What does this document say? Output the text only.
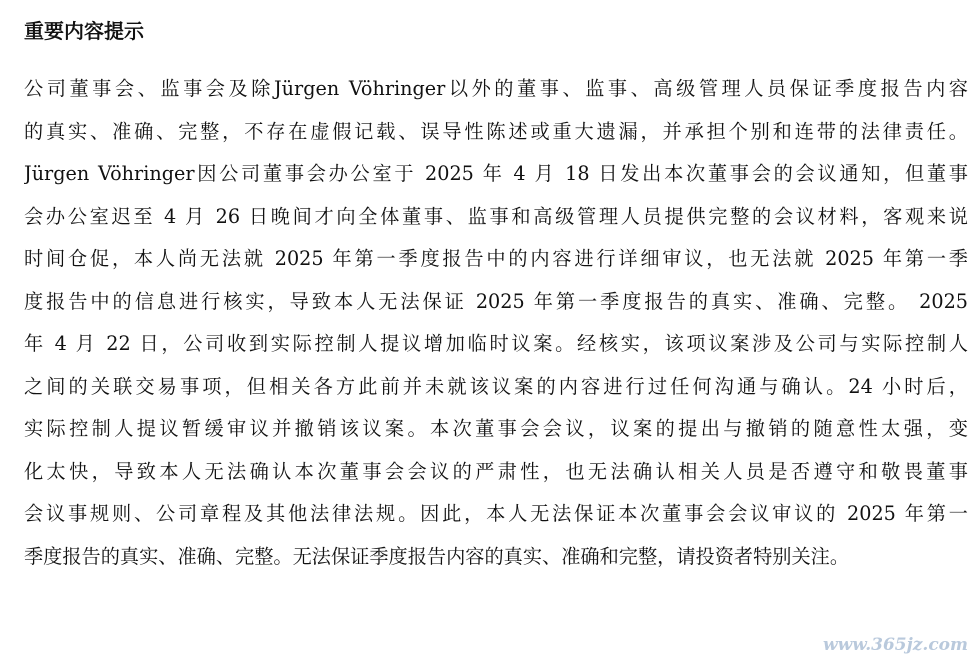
重要内容提示
公司董事会、监事会及除Jürgen Vöhringer以外的董事、监事、高级管理人员保证季度报告内容
的真实、准确、完整，不存在虚假记载、误导性陈述或重大遗漏，并承担个别和连带的法律责任。
Jürgen Vöhringer因公司董事会办公室于 2025 年 4 月 18 日发出本次董事会的会议通知，但董事
会办公室迟至 4 月 26 日晚间才向全体董事、监事和高级管理人员提供完整的会议材料，客观来说
时间仓促，本人尚无法就 2025 年第一季度报告中的内容进行详细审议，也无法就 2025 年第一季
度报告中的信息进行核实，导致本人无法保证 2025 年第一季度报告的真实、准确、完整。 2025
年 4 月 22 日，公司收到实际控制人提议增加临时议案。经核实，该项议案涉及公司与实际控制人
之间的关联交易事项，但相关各方此前并未就该议案的内容进行过任何沟通与确认。24 小时后，
实际控制人提议暂缓审议并撤销该议案。本次董事会会议，议案的提出与撤销的随意性太强，变
化太快，导致本人无法确认本次董事会会议的严肃性，也无法确认相关人员是否遵守和敬畏董事
会议事规则、公司章程及其他法律法规。因此，本人无法保证本次董事会会议审议的 2025 年第一
季度报告的真实、准确、完整。无法保证季度报告内容的真实、准确和完整，请投资者特别关注。
www.365jz.com
